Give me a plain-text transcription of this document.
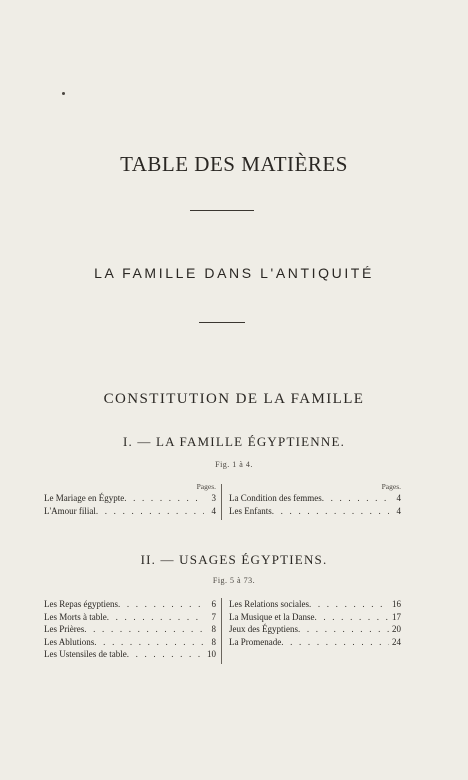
TABLE DES MATIÈRES
LA FAMILLE DANS L'ANTIQUITÉ
CONSTITUTION DE LA FAMILLE
I. — LA FAMILLE ÉGYPTIENNE.
Fig. 1 à 4.
Pages.
Le Mariage en Égypte . . .	3
L'Amour filial . . .	4
Pages.
La Condition des femmes . . .	4
Les Enfants . . .	4
II. — USAGES ÉGYPTIENS.
Fig. 5 à 73.
Les Repas égyptiens . . .	6
Les Morts à table . . .	7
Les Prières . . .	8
Les Ablutions . . .	8
Les Ustensiles de table . . .	10
Les Relations sociales . . .	16
La Musique et la Danse . . .	17
Jeux des Égyptiens . . .	20
La Promenade . . .	24
